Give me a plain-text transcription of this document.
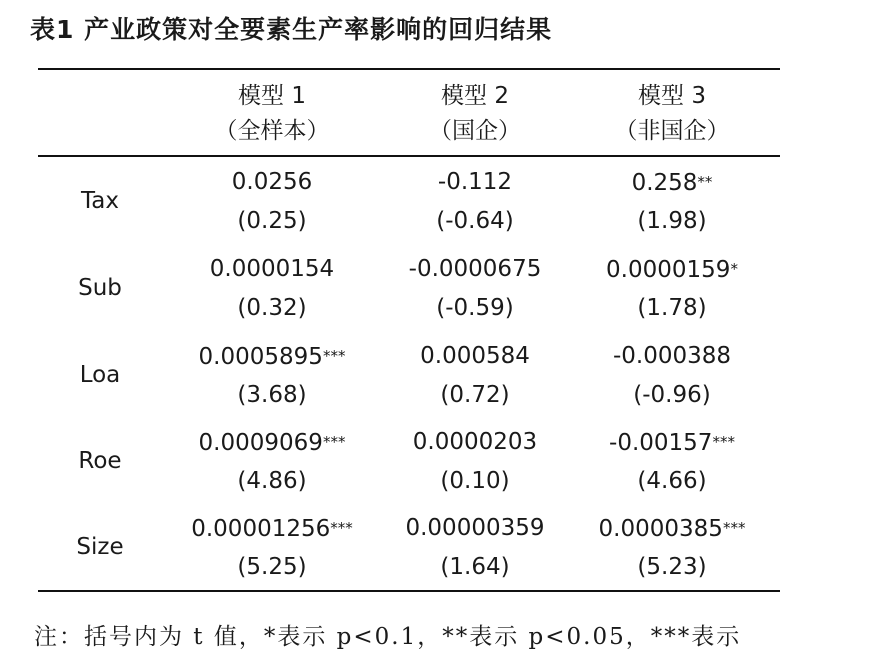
表1 产业政策对全要素生产率影响的回归结果
模型 1
（全样本）
模型 2
（国企）
模型 3
（非国企）
Tax
0.0256
(0.25)
-0.112
(-0.64)
0.258**
(1.98)
Sub
0.0000154
(0.32)
-0.0000675
(-0.59)
0.0000159*
(1.78)
Loa
0.0005895***
(3.68)
0.000584
(0.72)
-0.000388
(-0.96)
Roe
0.0009069***
(4.86)
0.0000203
(0.10)
-0.00157***
(4.66)
Size
0.00001256***
(5.25)
0.00000359
(1.64)
0.0000385***
(5.23)
注：括号内为 t 值，*表示 p<0.1，**表示 p<0.05，***表示
